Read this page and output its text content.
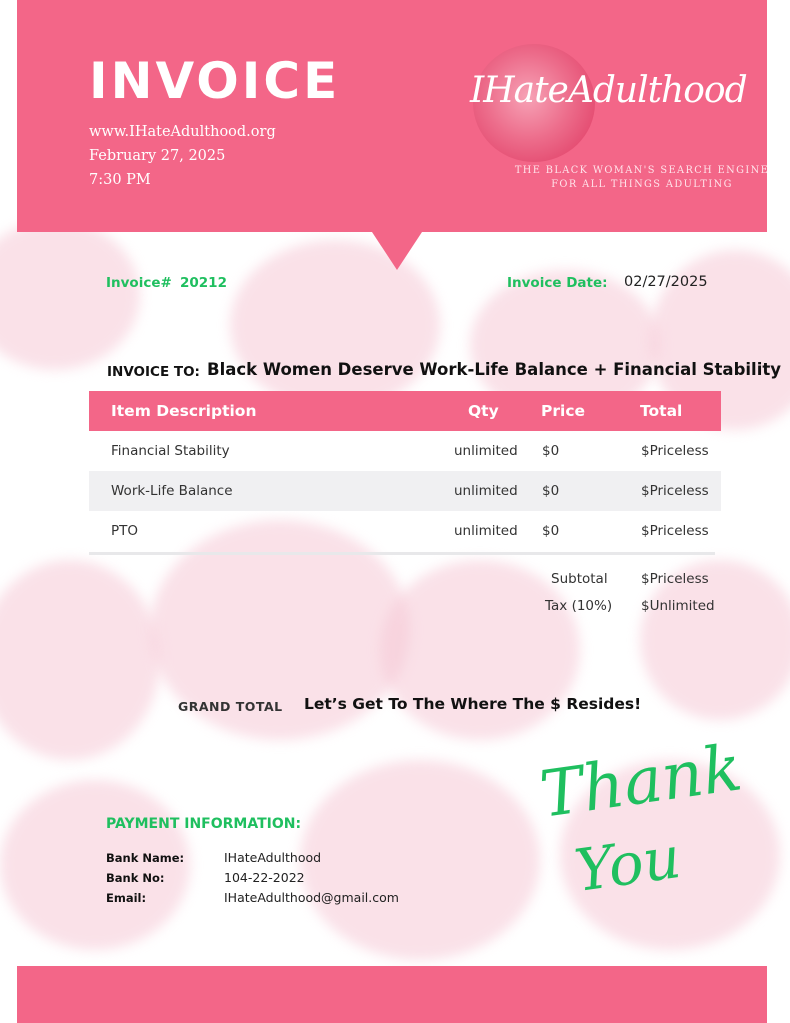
INVOICE
www.IHateAdulthood.org
February 27, 2025
7:30 PM
IHateAdulthood
THE BLACK WOMAN'S SEARCH ENGINE
FOR ALL THINGS ADULTING
Invoice# 20212	Invoice Date: 02/27/2025
INVOICE TO: Black Women Deserve Work-Life Balance + Financial Stability
Item Description	Qty	Price	Total
Financial Stability	unlimited $0	$Priceless
Work-Life Balance	unlimited $0	$Priceless
PTO	unlimited $0	$Priceless
Subtotal $Priceless
Tax (10%) $Unlimited
GRAND TOTAL Let’s Get To The Where The $ Resides!
PAYMENT INFORMATION:
Bank Name:	IHateAdulthood
Bank No:	104-22-2022
Email:	IHateAdulthood@gmail.com
Thank
You
